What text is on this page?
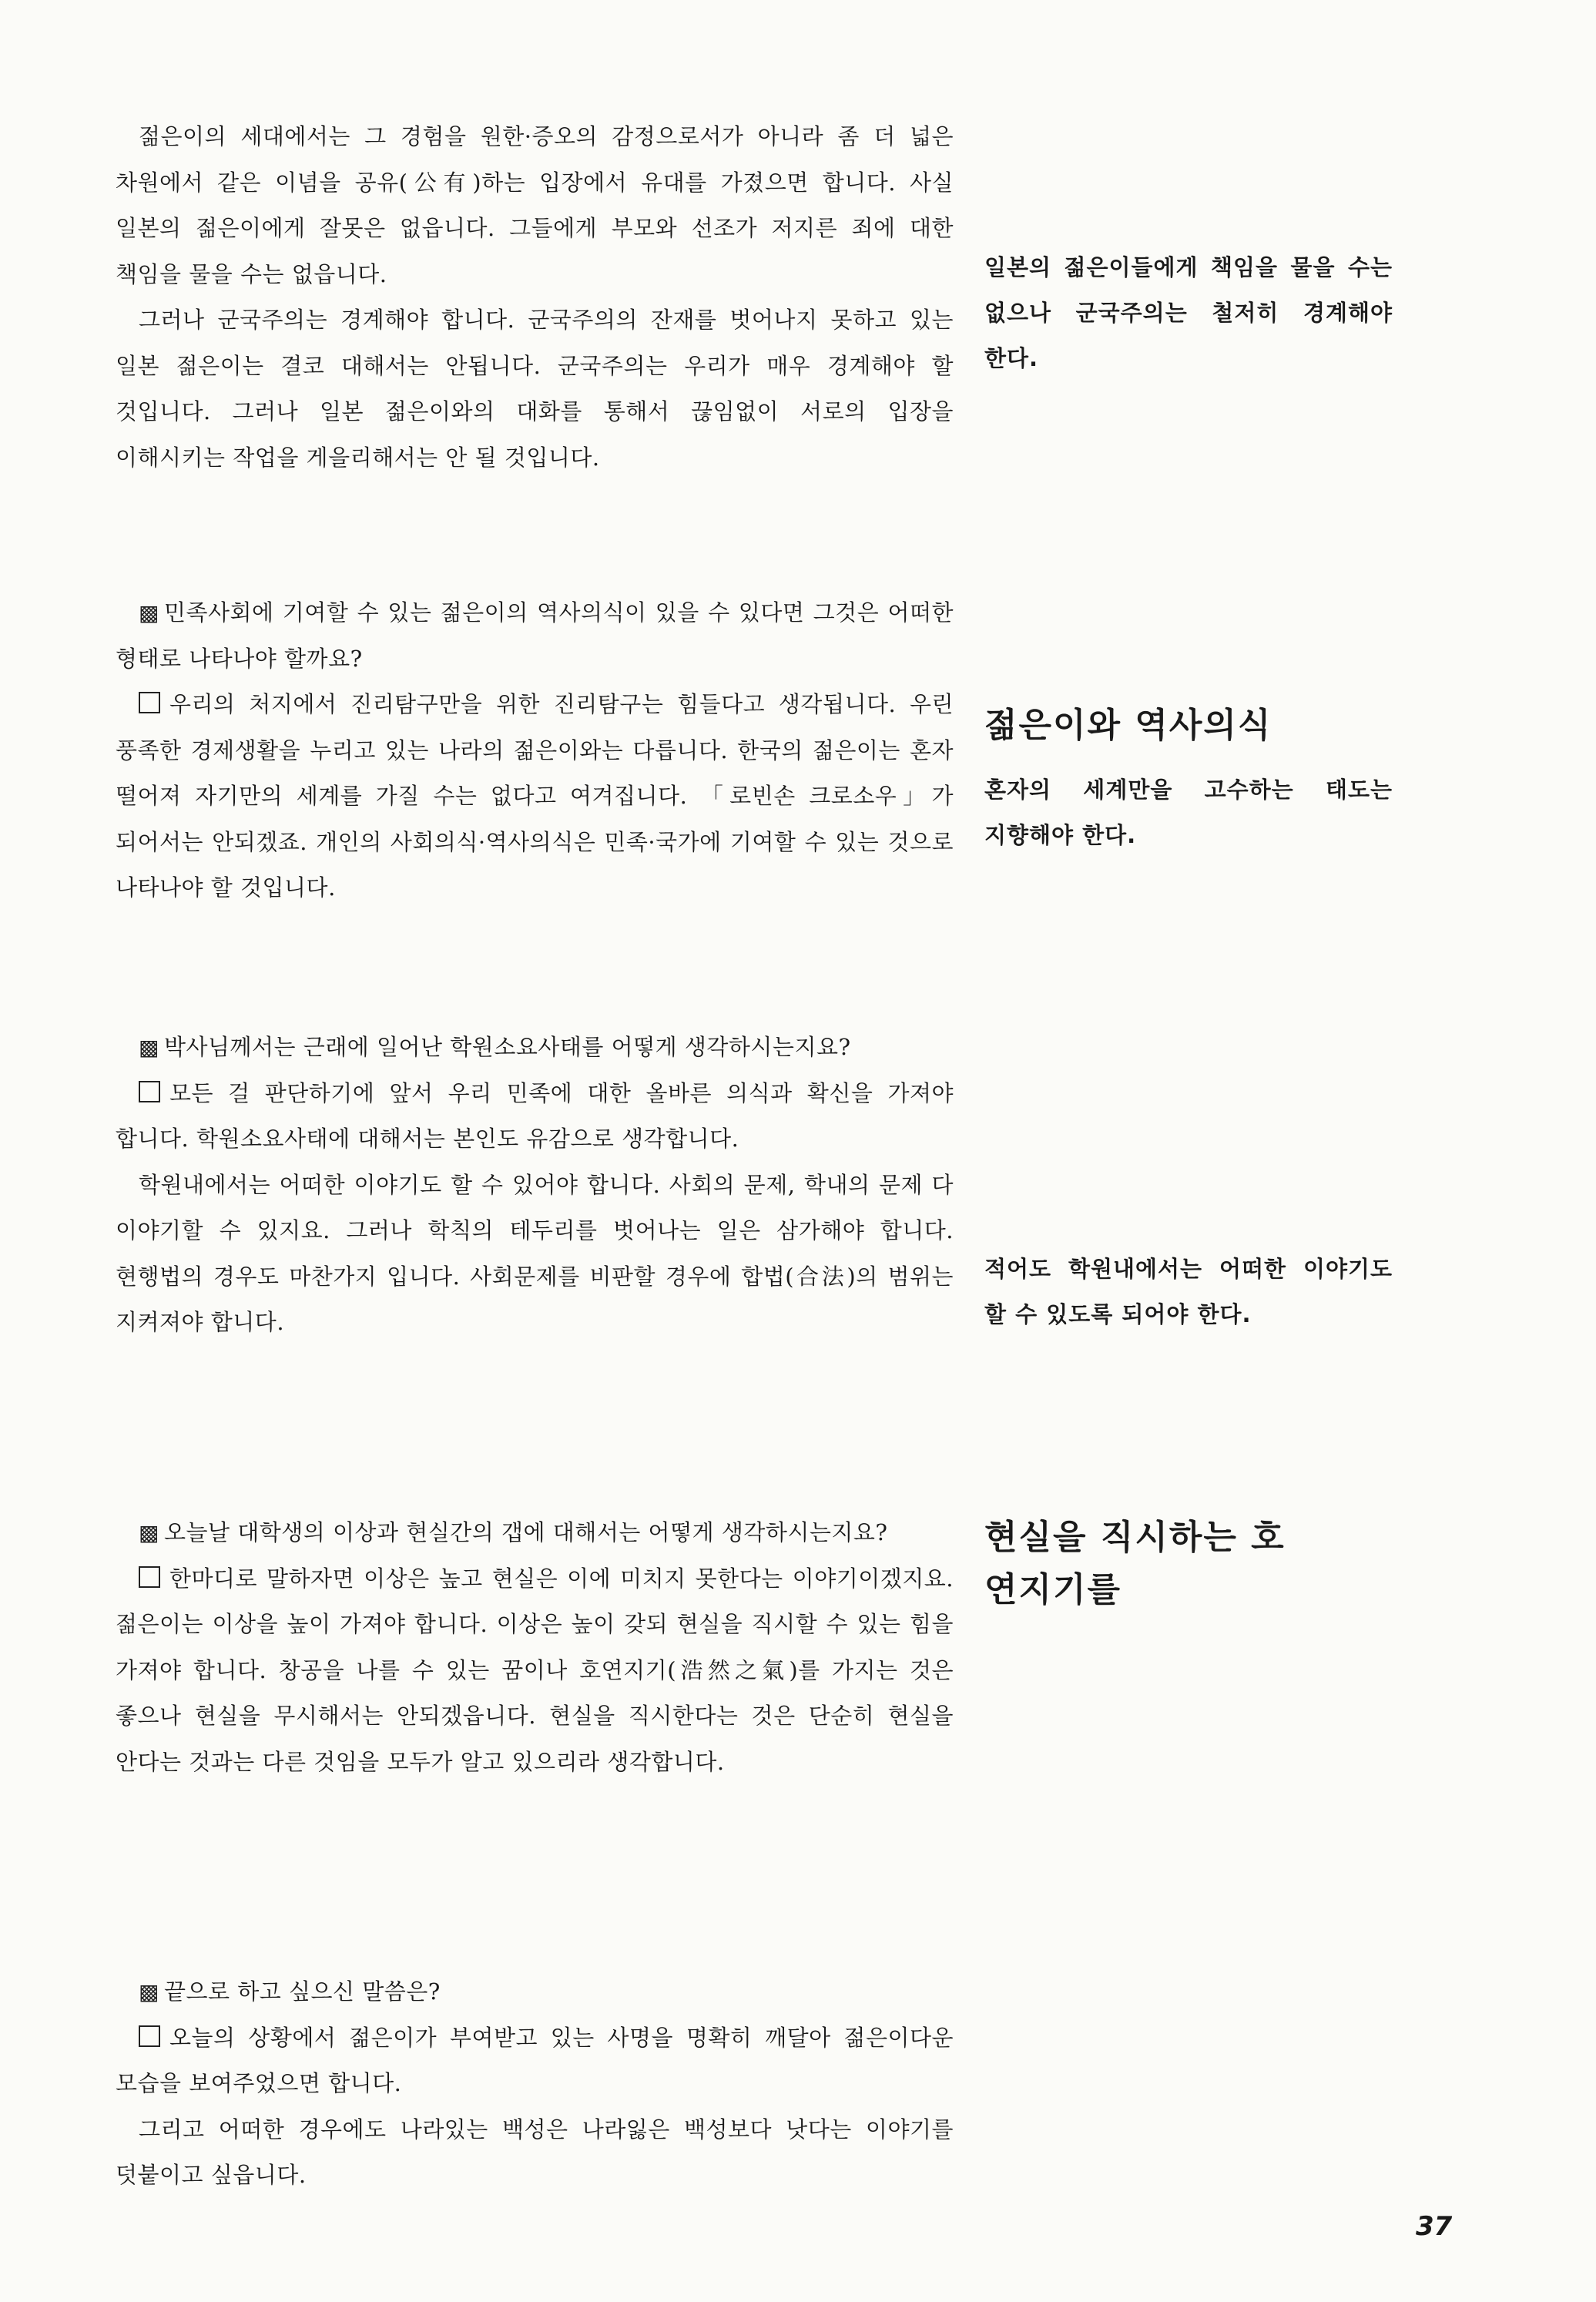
젊은이의 세대에서는 그 경험을 원한·증오의 감정으로서가 아니라 좀 더 넓은 차원에서 같은 이념을 공유(公有)하는 입장에서 유대를 가졌으면 합니다. 사실 일본의 젊은이에게 잘못은 없읍니다. 그들에게 부모와 선조가 저지른 죄에 대한 책임을 물을 수는 없읍니다.

그러나 군국주의는 경계해야 합니다. 군국주의의 잔재를 벗어나지 못하고 있는 일본 젊은이는 결코 대해서는 안됩니다. 군국주의는 우리가 매우 경계해야 할 것입니다. 그러나 일본 젊은이와의 대화를 통해서 끊임없이 서로의 입장을 이해시키는 작업을 게을리해서는 안 될 것입니다.

▩ 민족사회에 기여할 수 있는 젊은이의 역사의식이 있을 수 있다면 그것은 어떠한 형태로 나타나야 할까요?

우리의 처지에서 진리탐구만을 위한 진리탐구는 힘들다고 생각됩니다. 우린 풍족한 경제생활을 누리고 있는 나라의 젊은이와는 다릅니다. 한국의 젊은이는 혼자 떨어져 자기만의 세계를 가질 수는 없다고 여겨집니다. 「로빈손 크로소우」가 되어서는 안되겠죠. 개인의 사회의식·역사의식은 민족·국가에 기여할 수 있는 것으로 나타나야 할 것입니다.

▩ 박사님께서는 근래에 일어난 학원소요사태를 어떻게 생각하시는지요?

모든 걸 판단하기에 앞서 우리 민족에 대한 올바른 의식과 확신을 가져야 합니다. 학원소요사태에 대해서는 본인도 유감으로 생각합니다.

학원내에서는 어떠한 이야기도 할 수 있어야 합니다. 사회의 문제, 학내의 문제 다 이야기할 수 있지요. 그러나 학칙의 테두리를 벗어나는 일은 삼가해야 합니다. 현행법의 경우도 마찬가지 입니다. 사회문제를 비판할 경우에 합법(合法)의 범위는 지켜져야 합니다.

▩ 오늘날 대학생의 이상과 현실간의 갭에 대해서는 어떻게 생각하시는지요?

한마디로 말하자면 이상은 높고 현실은 이에 미치지 못한다는 이야기이겠지요. 젊은이는 이상을 높이 가져야 합니다. 이상은 높이 갖되 현실을 직시할 수 있는 힘을 가져야 합니다. 창공을 나를 수 있는 꿈이나 호연지기(浩然之氣)를 가지는 것은 좋으나 현실을 무시해서는 안되겠읍니다. 현실을 직시한다는 것은 단순히 현실을 안다는 것과는 다른 것임을 모두가 알고 있으리라 생각합니다.

▩ 끝으로 하고 싶으신 말씀은?

오늘의 상황에서 젊은이가 부여받고 있는 사명을 명확히 깨달아 젊은이다운 모습을 보여주었으면 합니다.

그리고 어떠한 경우에도 나라있는 백성은 나라잃은 백성보다 낫다는 이야기를 덧붙이고 싶읍니다.

일본의 젊은이들에게 책임을 물을 수는 없으나 군국주의는 철저히 경계해야 한다.

젊은이와 역사의식

혼자의 세계만을 고수하는 태도는 지향해야 한다.

적어도 학원내에서는 어떠한 이야기도 할 수 있도록 되어야 한다.

현실을 직시하는 호연지기를

37
